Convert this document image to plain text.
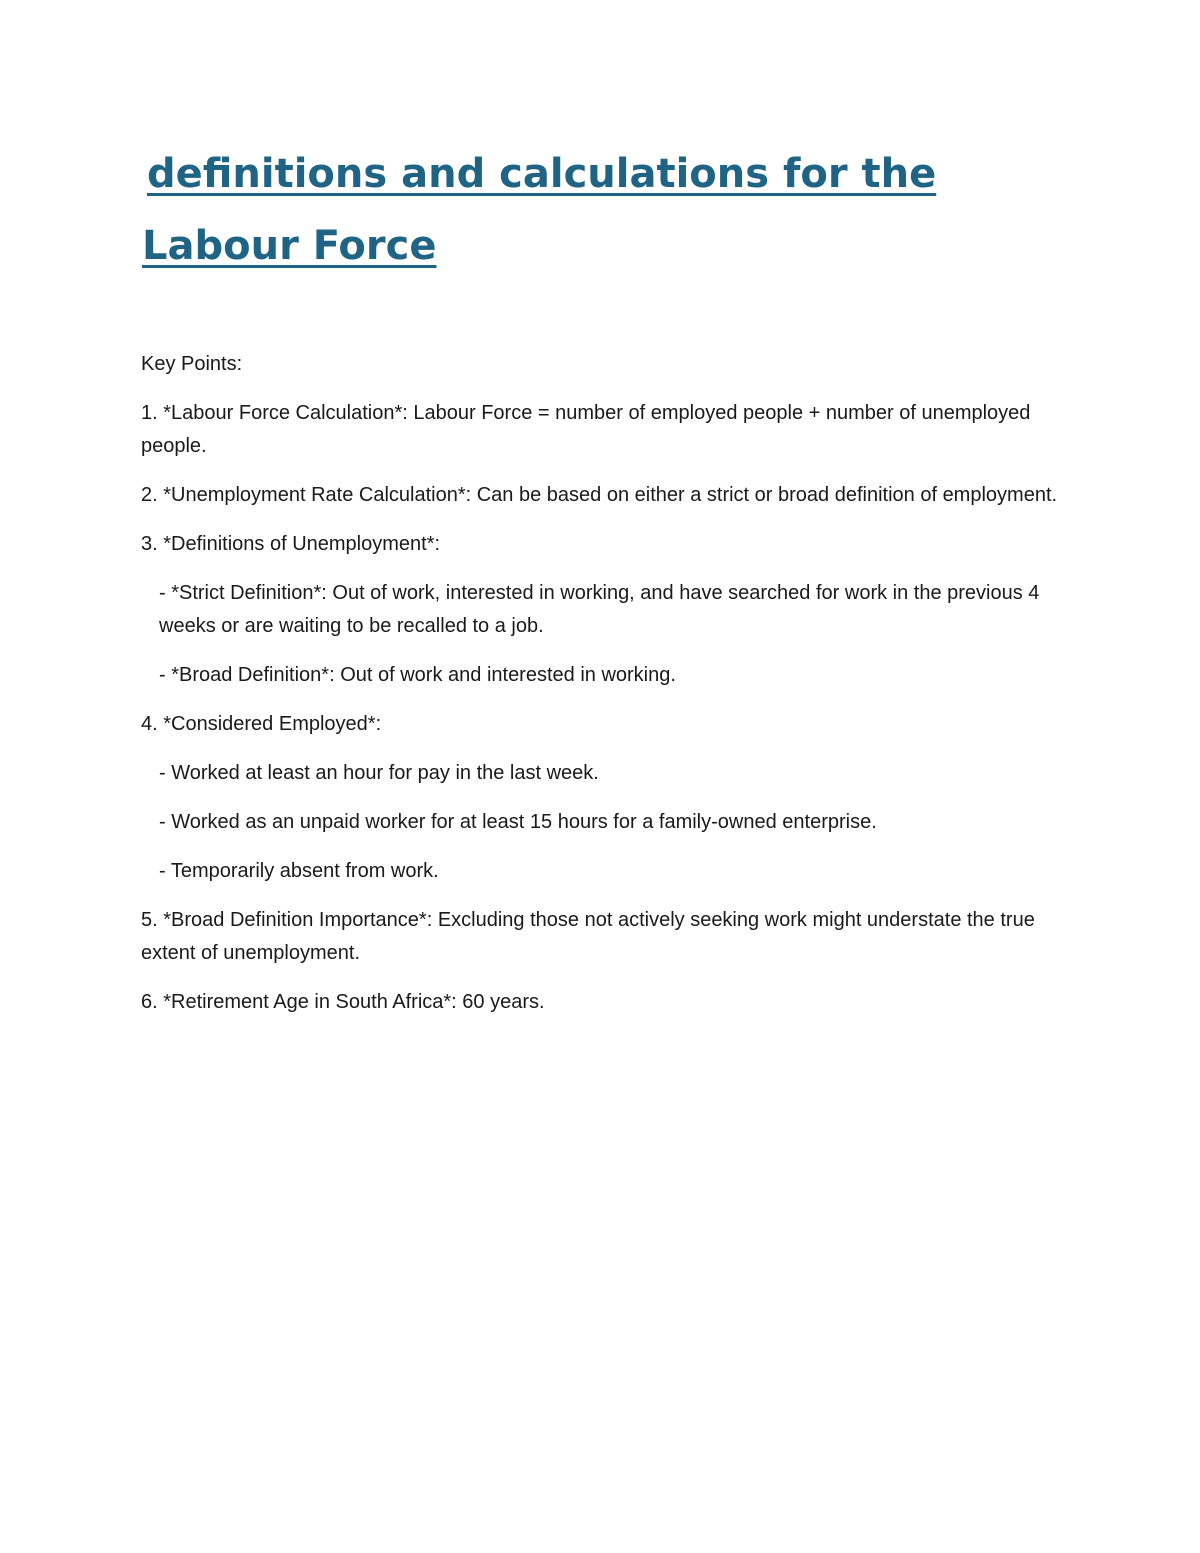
definitions and calculations for the
Labour Force

Key Points:

1. *Labour Force Calculation*: Labour Force = number of employed people + number of unemployed people.

2. *Unemployment Rate Calculation*: Can be based on either a strict or broad definition of employment.

3. *Definitions of Unemployment*:

- *Strict Definition*: Out of work, interested in working, and have searched for work in the previous 4 weeks or are waiting to be recalled to a job.

- *Broad Definition*: Out of work and interested in working.

4. *Considered Employed*:

- Worked at least an hour for pay in the last week.

- Worked as an unpaid worker for at least 15 hours for a family-owned enterprise.

- Temporarily absent from work.

5. *Broad Definition Importance*: Excluding those not actively seeking work might understate the true extent of unemployment.

6. *Retirement Age in South Africa*: 60 years.
